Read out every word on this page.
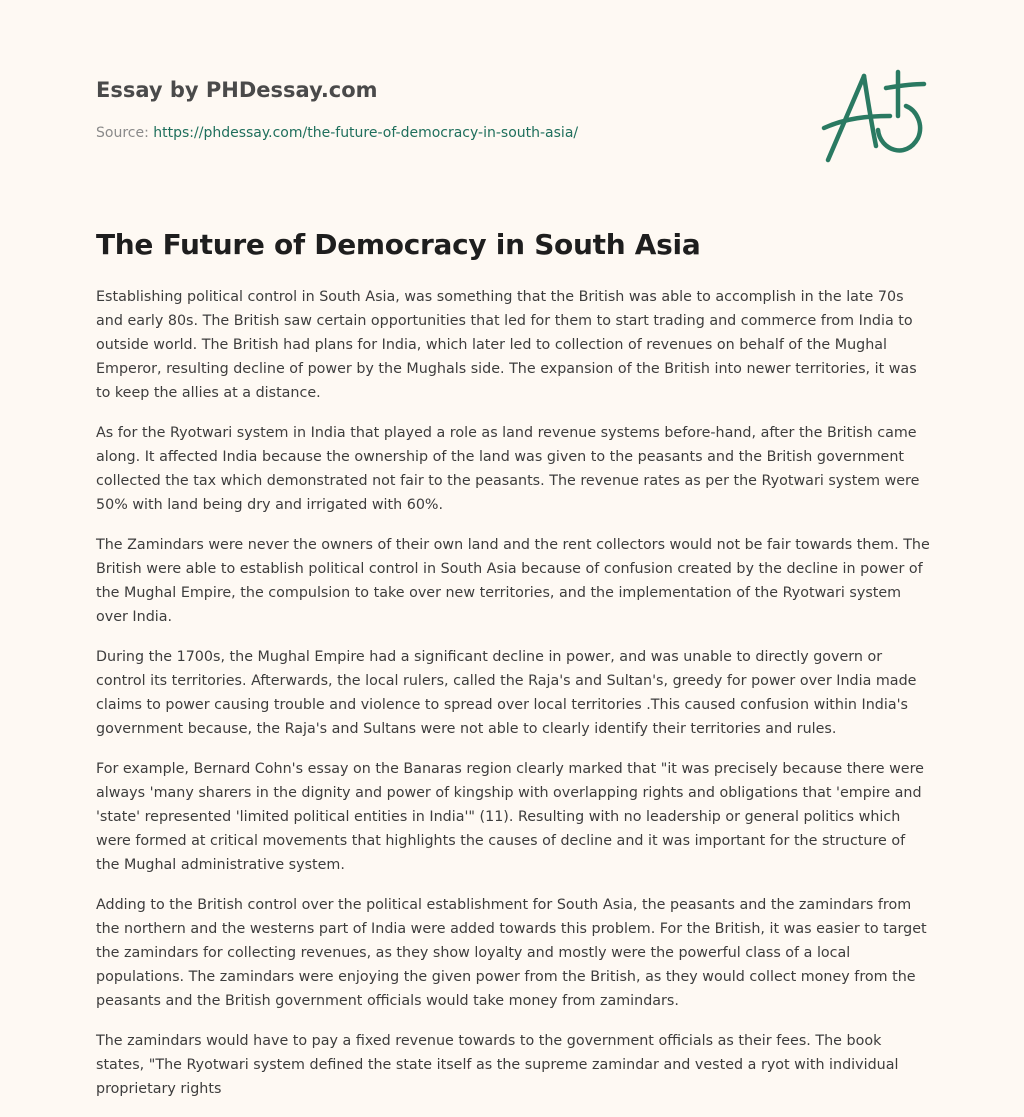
Essay by PHDessay.com
Source: https://phdessay.com/the-future-of-democracy-in-south-asia/
The Future of Democracy in South Asia

Establishing political control in South Asia, was something that the British was able to accomplish in the late 70s and early 80s. The British saw certain opportunities that led for them to start trading and commerce from India to outside world. The British had plans for India, which later led to collection of revenues on behalf of the Mughal Emperor, resulting decline of power by the Mughals side. The expansion of the British into newer territories, it was to keep the allies at a distance.

As for the Ryotwari system in India that played a role as land revenue systems before-hand, after the British came along. It affected India because the ownership of the land was given to the peasants and the British government collected the tax which demonstrated not fair to the peasants. The revenue rates as per the Ryotwari system were 50% with land being dry and irrigated with 60%.

The Zamindars were never the owners of their own land and the rent collectors would not be fair towards them. The British were able to establish political control in South Asia because of confusion created by the decline in power of the Mughal Empire, the compulsion to take over new territories, and the implementation of the Ryotwari system over India.

During the 1700s, the Mughal Empire had a significant decline in power, and was unable to directly govern or control its territories. Afterwards, the local rulers, called the Raja's and Sultan's, greedy for power over India made claims to power causing trouble and violence to spread over local territories .This caused confusion within India's government because, the Raja's and Sultans were not able to clearly identify their territories and rules.

For example, Bernard Cohn's essay on the Banaras region clearly marked that "it was precisely because there were always 'many sharers in the dignity and power of kingship with overlapping rights and obligations that 'empire and 'state' represented 'limited political entities in India'" (11). Resulting with no leadership or general politics which were formed at critical movements that highlights the causes of decline and it was important for the structure of the Mughal administrative system.

Adding to the British control over the political establishment for South Asia, the peasants and the zamindars from the northern and the westerns part of India were added towards this problem. For the British, it was easier to target the zamindars for collecting revenues, as they show loyalty and mostly were the powerful class of a local populations. The zamindars were enjoying the given power from the British, as they would collect money from the peasants and the British government officials would take money from zamindars.

The zamindars would have to pay a fixed revenue towards to the government officials as their fees. The book states, "The Ryotwari system defined the state itself as the supreme zamindar and vested a ryot with individual proprietary rights
